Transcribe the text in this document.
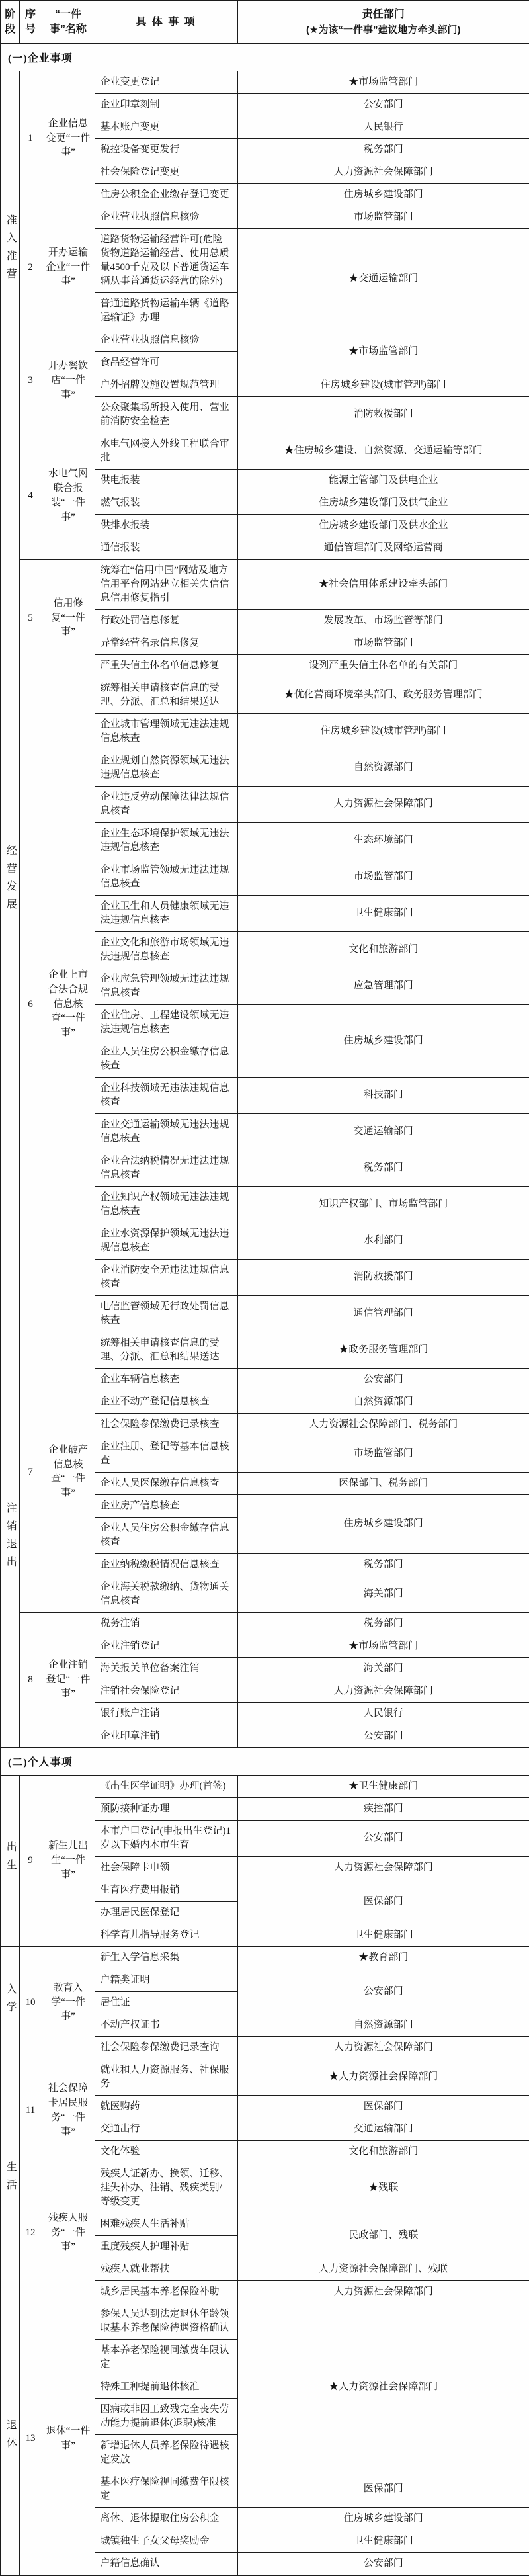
阶段	序号	“一件事”名称	具 体 事 项	责任部门
(★为该“一件事”建议地方牵头部门)

(一)企业事项				
准入准营	1	企业信息变更“一件事”	企业变更登记	★市场监管部门
			企业印章刻制	公安部门
			基本账户变更	人民银行
			税控设备变更发行	税务部门
			社会保险登记变更	人力资源社会保障部门
			住房公积金企业缴存登记变更	住房城乡建设部门
	2	开办运输企业“一件事”	企业营业执照信息核验	市场监管部门
			道路货物运输经营许可(危险货物道路运输经营、使用总质量4500千克及以下普通货运车辆从事普通货运经营的除外)	★交通运输部门
			普通道路货物运输车辆《道路运输证》办理	
	3	开办餐饮店“一件事”	企业营业执照信息核验	★市场监管部门
			食品经营许可	
			户外招牌设施设置规范管理	住房城乡建设(城市管理)部门
			公众聚集场所投入使用、营业前消防安全检查	消防救援部门
经营发展	4	水电气网联合报装“一件事”	水电气网接入外线工程联合审批	★住房城乡建设、自然资源、交通运输等部门
			供电报装	能源主管部门及供电企业
			燃气报装	住房城乡建设部门及供气企业
			供排水报装	住房城乡建设部门及供水企业
			通信报装	通信管理部门及网络运营商
	5	信用修复“一件事”	统筹在“信用中国”网站及地方信用平台网站建立相关失信信息信用修复指引	★社会信用体系建设牵头部门
			行政处罚信息修复	发展改革、市场监管等部门
			异常经营名录信息修复	市场监管部门
			严重失信主体名单信息修复	设列严重失信主体名单的有关部门
	6	企业上市合法合规信息核查“一件事”	统筹相关申请核查信息的受理、分派、汇总和结果送达	★优化营商环境牵头部门、政务服务管理部门
			企业城市管理领域无违法违规信息核查	住房城乡建设(城市管理)部门
			企业规划自然资源领域无违法违规信息核查	自然资源部门
			企业违反劳动保障法律法规信息核查	人力资源社会保障部门
			企业生态环境保护领域无违法违规信息核查	生态环境部门
			企业市场监管领域无违法违规信息核查	市场监管部门
			企业卫生和人员健康领域无违法违规信息核查	卫生健康部门
			企业文化和旅游市场领域无违法违规信息核查	文化和旅游部门
			企业应急管理领域无违法违规信息核查	应急管理部门
			企业住房、工程建设领域无违法违规信息核查	住房城乡建设部门
			企业人员住房公积金缴存信息核查	
			企业科技领域无违法违规信息核查	科技部门
			企业交通运输领域无违法违规信息核查	交通运输部门
			企业合法纳税情况无违法违规信息核查	税务部门
			企业知识产权领域无违法违规信息核查	知识产权部门、市场监管部门
			企业水资源保护领域无违法违规信息核查	水利部门
			企业消防安全无违法违规信息核查	消防救援部门
			电信监管领域无行政处罚信息核查	通信管理部门
注销退出	7	企业破产信息核查“一件事”	统筹相关申请核查信息的受理、分派、汇总和结果送达	★政务服务管理部门
			企业车辆信息核查	公安部门
			企业不动产登记信息核查	自然资源部门
			社会保险参保缴费记录核查	人力资源社会保障部门、税务部门
			企业注册、登记等基本信息核查	市场监管部门
			企业人员医保缴存信息核查	医保部门、税务部门
			企业房产信息核查	住房城乡建设部门
			企业人员住房公积金缴存信息核查	
			企业纳税缴税情况信息核查	税务部门
			企业海关税款缴纳、货物通关信息核查	海关部门
	8	企业注销登记“一件事”	税务注销	税务部门
			企业注销登记	★市场监管部门
			海关报关单位备案注销	海关部门
			注销社会保险登记	人力资源社会保障部门
			银行账户注销	人民银行
			企业印章注销	公安部门
(二)个人事项				
出生	9	新生儿出生“一件事”	《出生医学证明》办理(首签)	★卫生健康部门
			预防接种证办理	疾控部门
			本市户口登记(申报出生登记)1岁以下婚内本市生育	公安部门
			社会保障卡申领	人力资源社会保障部门
			生育医疗费用报销	医保部门
			办理居民医保登记	
			科学育儿指导服务登记	卫生健康部门
入学	10	教育入学“一件事”	新生入学信息采集	★教育部门
			户籍类证明	公安部门
			居住证	
			不动产权证书	自然资源部门
			社会保险参保缴费记录查询	人力资源社会保障部门
生活	11	社会保障卡居民服务“一件事”	就业和人力资源服务、社保服务	★人力资源社会保障部门
			就医购药	医保部门
			交通出行	交通运输部门
			文化体验	文化和旅游部门
	12	残疾人服务“一件事”	残疾人证新办、换领、迁移、挂失补办、注销、残疾类别/等级变更	★残联
			困难残疾人生活补贴	民政部门、残联
			重度残疾人护理补贴	
			残疾人就业帮扶	人力资源社会保障部门、残联
			城乡居民基本养老保险补助	人力资源社会保障部门
退休	13	退休“一件事”	参保人员达到法定退休年龄领取基本养老保险待遇资格确认	★人力资源社会保障部门
			基本养老保险视同缴费年限认定	
			特殊工种提前退休核准	
			因病或非因工致残完全丧失劳动能力提前退休(退职)核准	
			新增退休人员养老保险待遇核定发放	
			基本医疗保险视同缴费年限核定	医保部门
			离休、退休提取住房公积金	住房城乡建设部门
			城镇独生子女父母奖励金	卫生健康部门
			户籍信息确认	公安部门
